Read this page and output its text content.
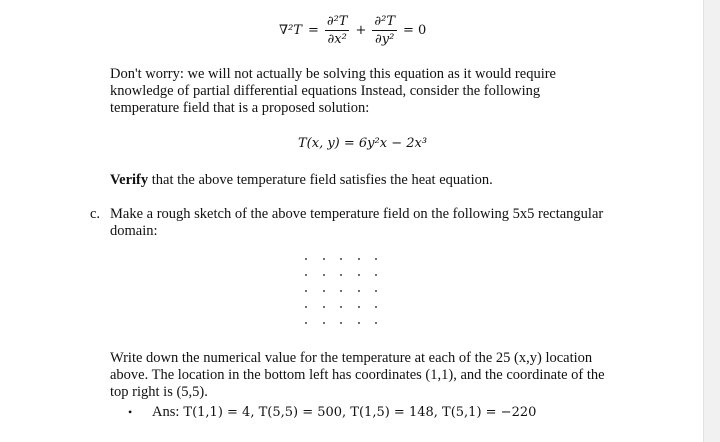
$\nabla^2T = \frac{\text{∂²T}}{\text{∂x²}} + \frac{\text{∂²T}}{\text{∂y²}} = 0$

Don't worry: we will not actually be solving this equation as it would require knowledge of partial differential equations Instead, consider the following temperature field that is a proposed solution:

T(x, y) = 6y²x − 2x³

Verify that the above temperature field satisfies the heat equation.

c. Make a rough sketch of the above temperature field on the following 5x5 rectangular domain:

Write down the numerical value for the temperature at each of the 25 (x,y) location above. The location in the bottom left has coordinates (1,1), and the coordinate of the top right is (5,5).

•	Ans: T(1,1) = 4, T(5,5) = 500, T(1,5) = 148, T(5,1) = −220
